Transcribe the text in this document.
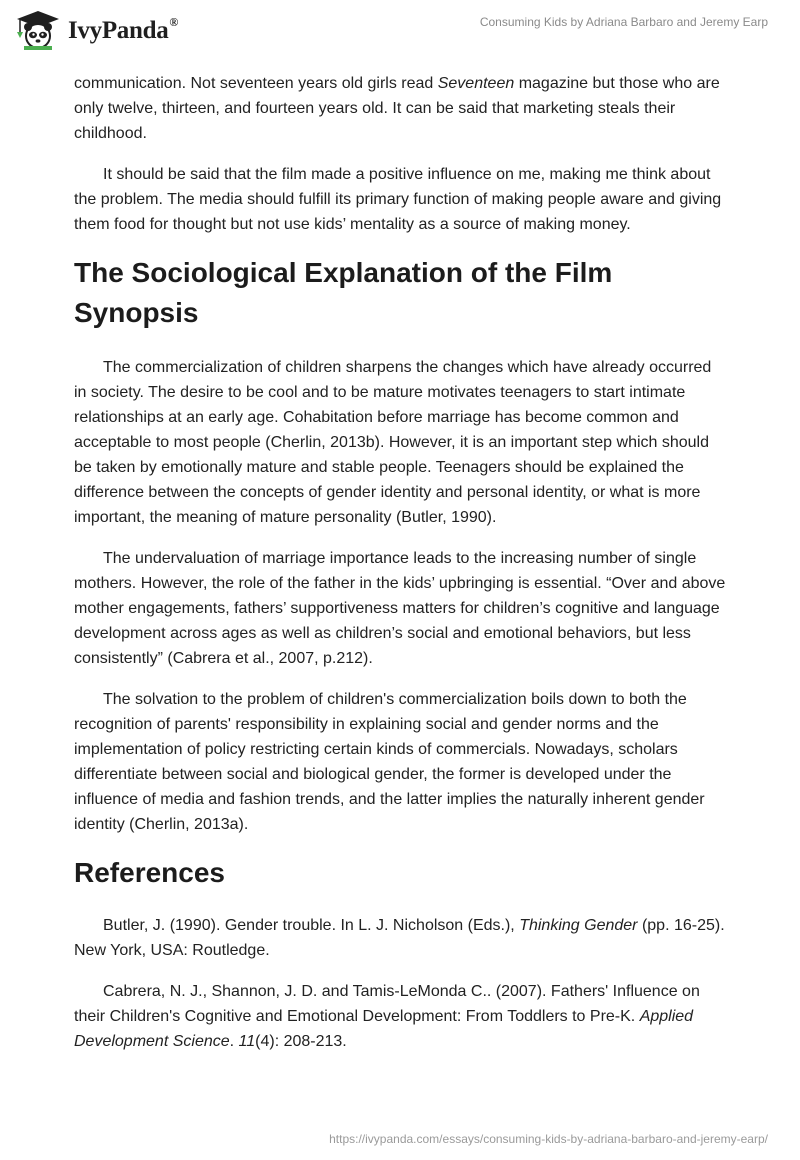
IvyPanda®	Consuming Kids by Adriana Barbaro and Jeremy Earp

communication. Not seventeen years old girls read Seventeen magazine but those who are only twelve, thirteen, and fourteen years old. It can be said that marketing steals their childhood.

It should be said that the film made a positive influence on me, making me think about the problem. The media should fulfill its primary function of making people aware and giving them food for thought but not use kids’ mentality as a source of making money.

The Sociological Explanation of the Film Synopsis

The commercialization of children sharpens the changes which have already occurred in society. The desire to be cool and to be mature motivates teenagers to start intimate relationships at an early age. Cohabitation before marriage has become common and acceptable to most people (Cherlin, 2013b). However, it is an important step which should be taken by emotionally mature and stable people. Teenagers should be explained the difference between the concepts of gender identity and personal identity, or what is more important, the meaning of mature personality (Butler, 1990).

The undervaluation of marriage importance leads to the increasing number of single mothers. However, the role of the father in the kids’ upbringing is essential. “Over and above mother engagements, fathers’ supportiveness matters for children’s cognitive and language development across ages as well as children’s social and emotional behaviors, but less consistently” (Cabrera et al., 2007, p.212).

The solvation to the problem of children's commercialization boils down to both the recognition of parents' responsibility in explaining social and gender norms and the implementation of policy restricting certain kinds of commercials. Nowadays, scholars differentiate between social and biological gender, the former is developed under the influence of media and fashion trends, and the latter implies the naturally inherent gender identity (Cherlin, 2013a).

References

Butler, J. (1990). Gender trouble. In L. J. Nicholson (Eds.), Thinking Gender (pp. 16-25). New York, USA: Routledge.

Cabrera, N. J., Shannon, J. D. and Tamis-LeMonda C.. (2007). Fathers' Influence on their Children's Cognitive and Emotional Development: From Toddlers to Pre-K. Applied Development Science. 11(4): 208-213.

https://ivypanda.com/essays/consuming-kids-by-adriana-barbaro-and-jeremy-earp/
